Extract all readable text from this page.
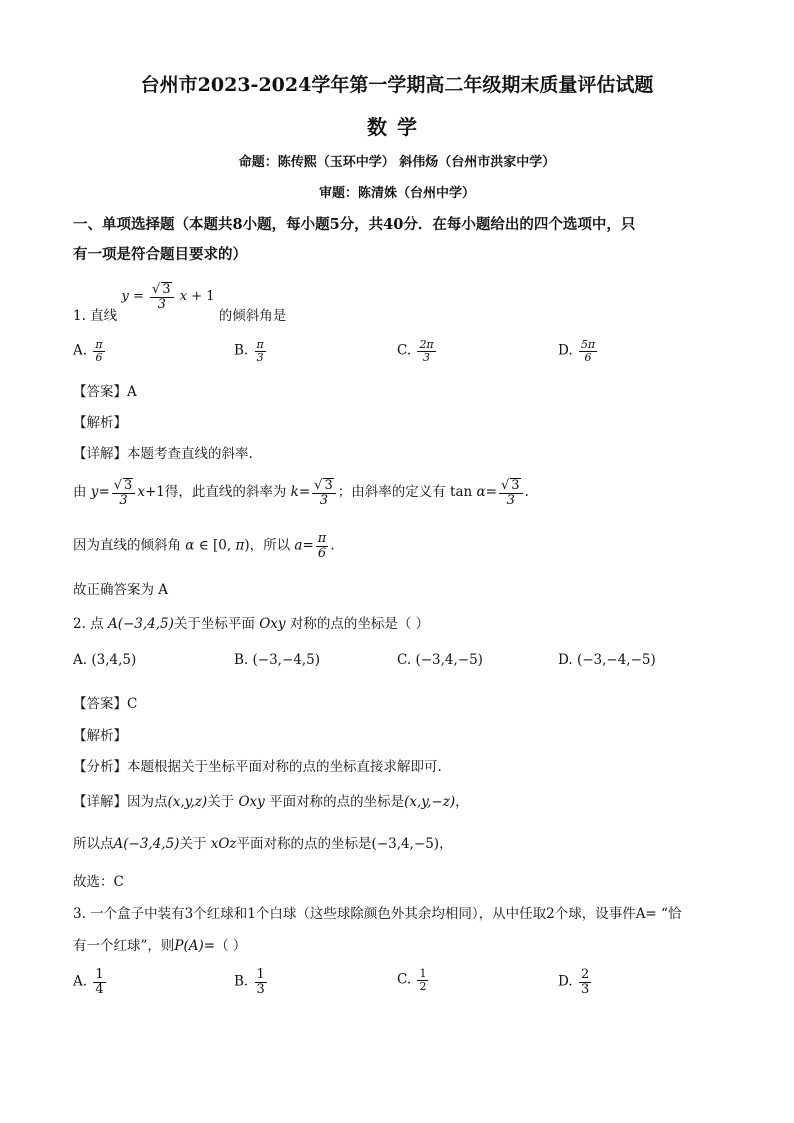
台州市2023-2024学年第一学期高二年级期末质量评估试题
数学
命题：陈传熙（玉环中学） 斜伟炀（台州市洪家中学）
审题：陈清姝（台州中学）
一、单项选择题（本题共8小题，每小题5分，共40分．在每小题给出的四个选项中，只
有一项是符合题目要求的）
1. 直线 $y = \frac{√ 3}{3}$ x + 1 的倾斜角是
A. $\frac{\pi}{6}$	B. $\frac{\pi}{3}$	C. $\frac{2\pi}{3}$	D. $\frac{5\pi}{6}$
【答案】A
【解析】
【详解】本题考查直线的斜率.
由 $y= \frac{√ 3}{3} x+1$得，此直线的斜率为 $k= \frac{√ 3}{3}$ ；由斜率的定义有 $\tan \alpha= \frac{√ 3}{3}$ .
因为直线的倾斜角 α ∈ [0, π)，所以 $a= \frac{\pi}{6}$ .
故正确答案为 A
2. 点 A(−3,4,5)关于坐标平面 Oxy 对称的点的坐标是（ ）
A. (3,4,5)	B. (−3,−4,5)	C. (−3,4,−5)	D. (−3,−4,−5)
【答案】C
【解析】
【分析】本题根据关于坐标平面对称的点的坐标直接求解即可.
【详解】因为点(x,y,z)关于 Oxy 平面对称的点的坐标是(x,y,−z)，
所以点A(−3,4,5)关于 xOz平面对称的点的坐标是(−3,4,−5)，
故选：C
3. 一个盒子中装有3个红球和1个白球（这些球除颜色外其余均相同），从中任取2个球，设事件A= “恰
有一个红球”，则P(A)=（ ）
A. $\frac{1}{4}$	B. $\frac{1}{3}$	C. $\frac{1}{2}$	D. $\frac{2}{3}$
